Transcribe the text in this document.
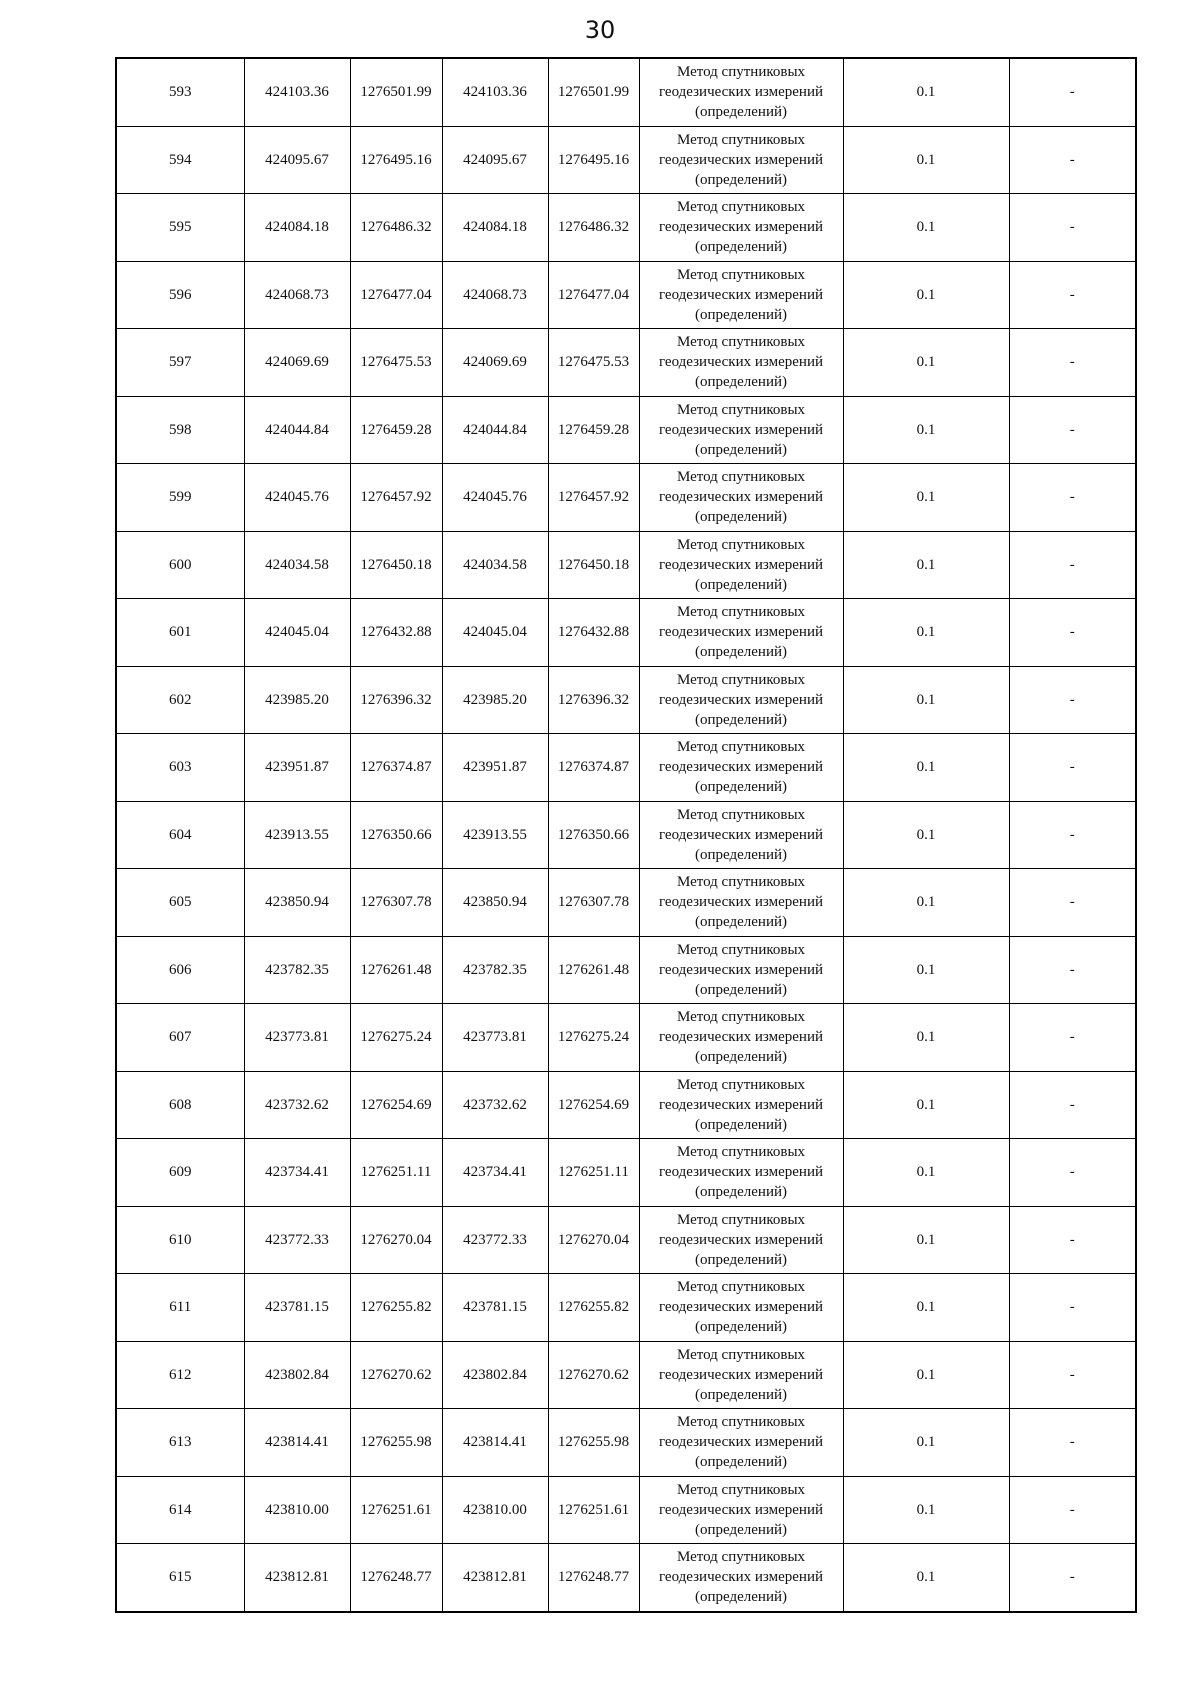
30
593	424103.36	1276501.99	424103.36	1276501.99	Метод спутниковых
геодезических измерений
(определений)	0.1	-
594	424095.67	1276495.16	424095.67	1276495.16	Метод спутниковых
геодезических измерений
(определений)	0.1	-
595	424084.18	1276486.32	424084.18	1276486.32	Метод спутниковых
геодезических измерений
(определений)	0.1	-
596	424068.73	1276477.04	424068.73	1276477.04	Метод спутниковых
геодезических измерений
(определений)	0.1	-
597	424069.69	1276475.53	424069.69	1276475.53	Метод спутниковых
геодезических измерений
(определений)	0.1	-
598	424044.84	1276459.28	424044.84	1276459.28	Метод спутниковых
геодезических измерений
(определений)	0.1	-
599	424045.76	1276457.92	424045.76	1276457.92	Метод спутниковых
геодезических измерений
(определений)	0.1	-
600	424034.58	1276450.18	424034.58	1276450.18	Метод спутниковых
геодезических измерений
(определений)	0.1	-
601	424045.04	1276432.88	424045.04	1276432.88	Метод спутниковых
геодезических измерений
(определений)	0.1	-
602	423985.20	1276396.32	423985.20	1276396.32	Метод спутниковых
геодезических измерений
(определений)	0.1	-
603	423951.87	1276374.87	423951.87	1276374.87	Метод спутниковых
геодезических измерений
(определений)	0.1	-
604	423913.55	1276350.66	423913.55	1276350.66	Метод спутниковых
геодезических измерений
(определений)	0.1	-
605	423850.94	1276307.78	423850.94	1276307.78	Метод спутниковых
геодезических измерений
(определений)	0.1	-
606	423782.35	1276261.48	423782.35	1276261.48	Метод спутниковых
геодезических измерений
(определений)	0.1	-
607	423773.81	1276275.24	423773.81	1276275.24	Метод спутниковых
геодезических измерений
(определений)	0.1	-
608	423732.62	1276254.69	423732.62	1276254.69	Метод спутниковых
геодезических измерений
(определений)	0.1	-
609	423734.41	1276251.11	423734.41	1276251.11	Метод спутниковых
геодезических измерений
(определений)	0.1	-
610	423772.33	1276270.04	423772.33	1276270.04	Метод спутниковых
геодезических измерений
(определений)	0.1	-
611	423781.15	1276255.82	423781.15	1276255.82	Метод спутниковых
геодезических измерений
(определений)	0.1	-
612	423802.84	1276270.62	423802.84	1276270.62	Метод спутниковых
геодезических измерений
(определений)	0.1	-
613	423814.41	1276255.98	423814.41	1276255.98	Метод спутниковых
геодезических измерений
(определений)	0.1	-
614	423810.00	1276251.61	423810.00	1276251.61	Метод спутниковых
геодезических измерений
(определений)	0.1	-
615	423812.81	1276248.77	423812.81	1276248.77	Метод спутниковых
геодезических измерений
(определений)	0.1	-
